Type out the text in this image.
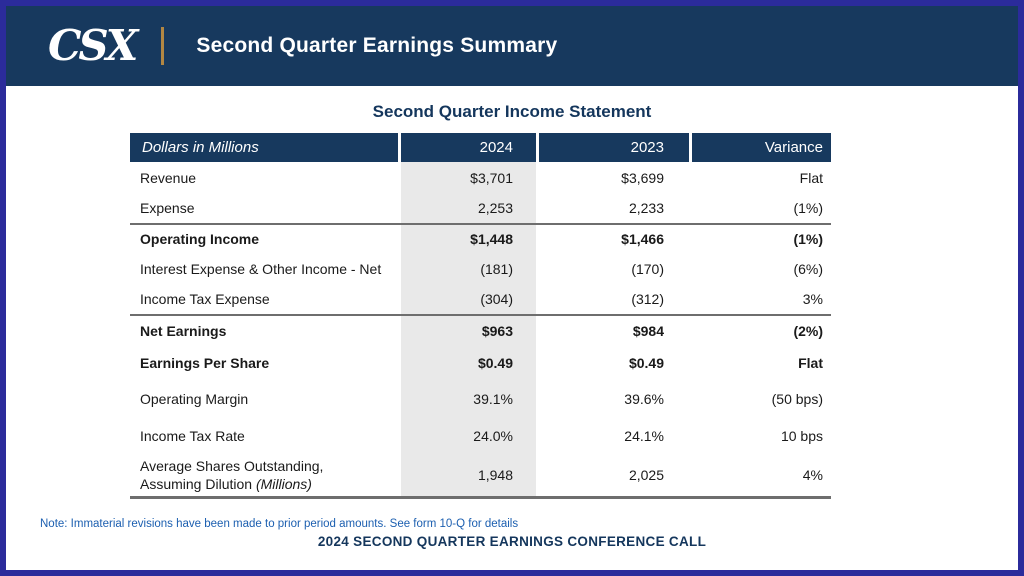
CSX	Second Quarter Earnings Summary
Second Quarter Income Statement
Dollars in Millions	2024	2023	Variance
Revenue	$3,701	$3,699	Flat
Expense	2,253	2,233	(1%)
Operating Income	$1,448	$1,466	(1%)
Interest Expense & Other Income - Net	(181)	(170)	(6%)
Income Tax Expense	(304)	(312)	3%
Net Earnings	$963	$984	(2%)
Earnings Per Share	$0.49	$0.49	Flat
Operating Margin	39.1%	39.6%	(50 bps)
Income Tax Rate	24.0%	24.1%	10 bps
Average Shares Outstanding,
Assuming Dilution (Millions)
1,948	2,025	4%
Note: Immaterial revisions have been made to prior period amounts. See form 10-Q for details
2024 SECOND QUARTER EARNINGS CONFERENCE CALL
